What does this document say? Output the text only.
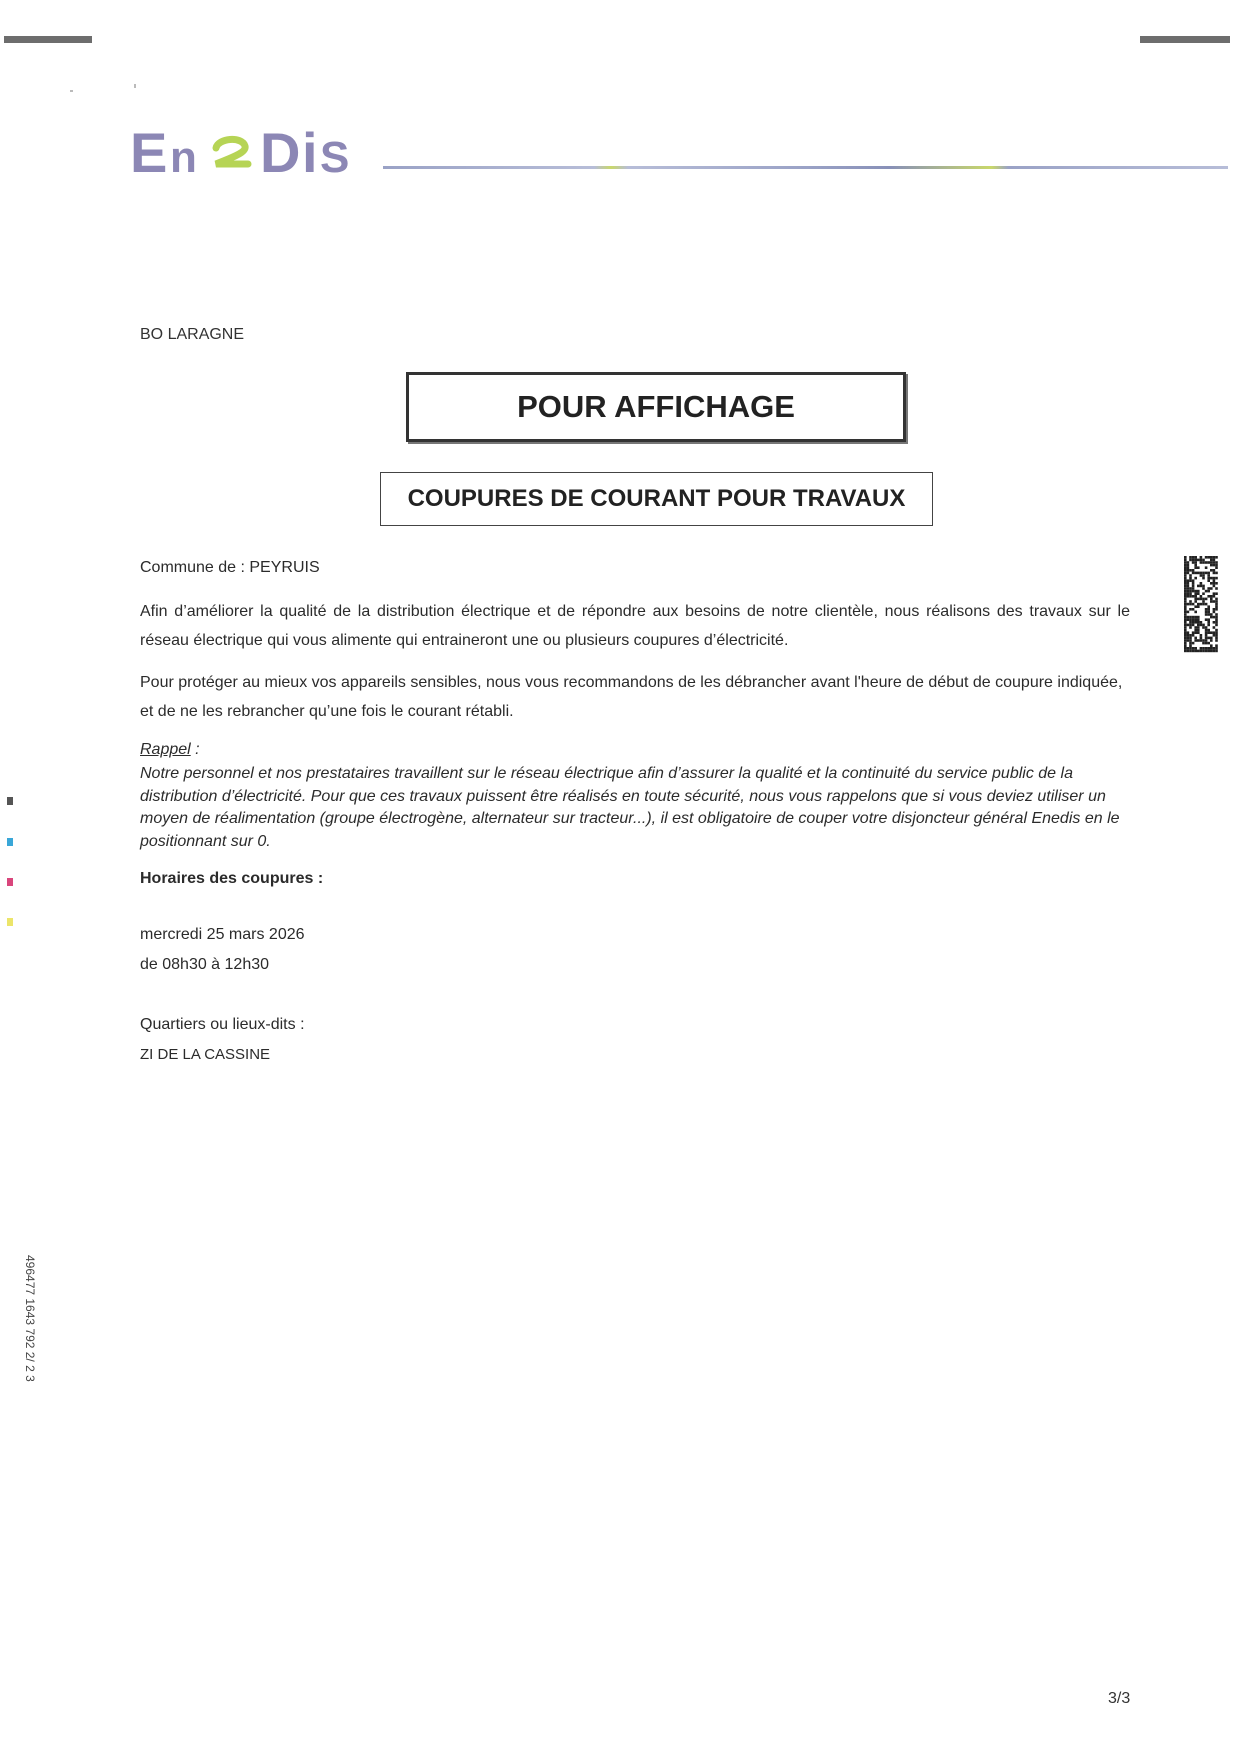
E n D i S
BO LARAGNE
POUR AFFICHAGE
COUPURES DE COURANT POUR TRAVAUX
Commune de : PEYRUIS
Afin d’améliorer la qualité de la distribution électrique et de répondre aux besoins de notre clientèle, nous réalisons des travaux sur le réseau électrique qui vous alimente qui entraineront une ou plusieurs coupures d’électricité.
Pour protéger au mieux vos appareils sensibles, nous vous recommandons de les débrancher avant l'heure de début de coupure indiquée, et de ne les rebrancher qu’une fois le courant rétabli.
Rappel :
Notre personnel et nos prestataires travaillent sur le réseau électrique afin d’assurer la qualité et la continuité du service public de la distribution d’électricité. Pour que ces travaux puissent être réalisés en toute sécurité, nous vous rappelons que si vous deviez utiliser un moyen de réalimentation (groupe électrogène, alternateur sur tracteur...), il est obligatoire de couper votre disjoncteur général Enedis en le positionnant sur 0.
Horaires des coupures :
mercredi 25 mars 2026
de 08h30 à 12h30
Quartiers ou lieux-dits :
ZI DE LA CASSINE
496477 1643 792 2/ 2 3
3/3
